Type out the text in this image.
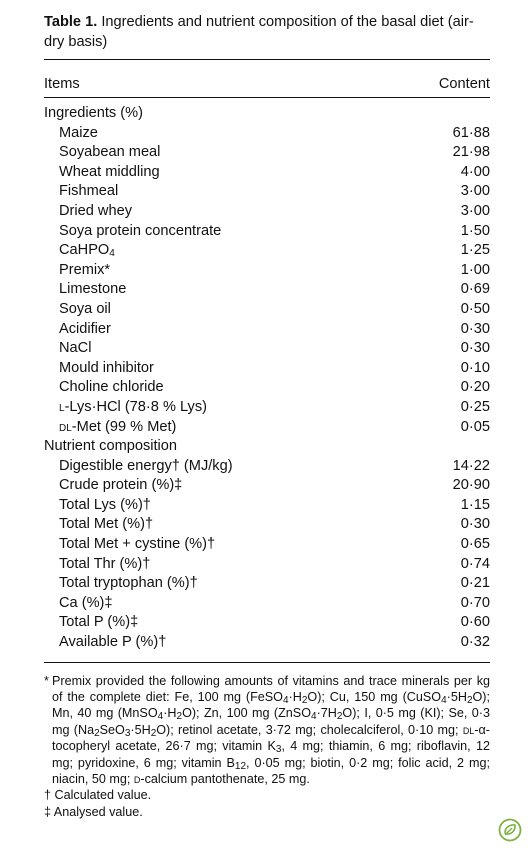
Table 1. Ingredients and nutrient composition of the basal diet (air-dry basis)

Items	Content
Ingredients (%)
Maize	61·88
Soyabean meal	21·98
Wheat middling	4·00
Fishmeal	3·00
Dried whey	3·00
Soya protein concentrate	1·50
CaHPO$_4$	1·25
Premix*	1·00
Limestone	0·69
Soya oil	0·50
Acidifier	0·30
NaCl	0·30
Mould inhibitor	0·10
Choline chloride	0·20
l-Lys·HCl (78·8 % Lys)	0·25
dl-Met (99 % Met)	0·05
Nutrient composition
Digestible energy† (MJ/kg)	14·22
Crude protein (%)‡	20·90
Total Lys (%)†	1·15
Total Met (%)†	0·30
Total Met + cystine (%)†	0·65
Total Thr (%)†	0·74
Total tryptophan (%)†	0·21
Ca (%)‡	0·70
Total P (%)‡	0·60
Available P (%)†	0·32
* Premix provided the following amounts of vitamins and trace minerals per kg of the complete diet: Fe, 100 mg $(FeSO_4\cdot H_2O)$; Cu, 150 mg $(CuSO_4\cdot 5H_2O)$; Mn, 40 mg $(MnSO_4\cdot H_2O)$; Zn, 100 mg $(ZnSO_4\cdot 7H_2O)$; I, 0·5 mg (KI); Se, 0·3 mg $(Na_2SeO_3\cdot 5H_2O)$; retinol acetate, 3·72 mg; cholecalciferol, 0·10 mg; dl-α-tocopheryl acetate, 26·7 mg; vitamin $K_3$, 4 mg; thiamin, 6 mg; riboflavin, 12 mg; pyridoxine, 6 mg; vitamin $B_{12}$, 0·05 mg; biotin, 0·2 mg; folic acid, 2 mg; niacin, 50 mg; d-calcium pantothenate, 25 mg.

† Calculated value.

‡ Analysed value.
